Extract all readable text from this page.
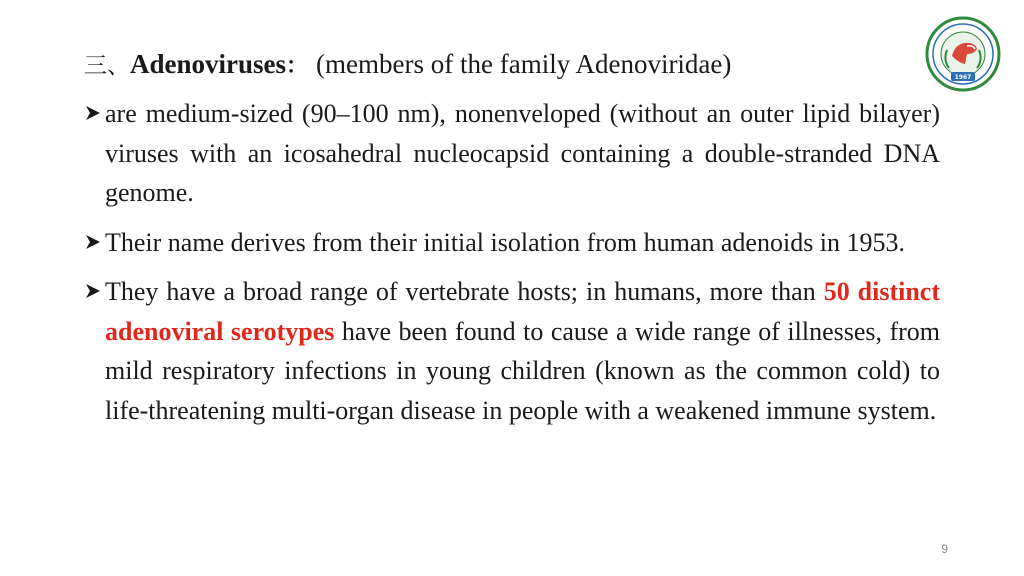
三、Adenoviruses： (members of the family Adenoviridae)
are medium-sized (90–100 nm), nonenveloped (without an outer lipid bilayer) viruses with an icosahedral nucleocapsid containing a double-stranded DNA genome.
Their name derives from their initial isolation from human adenoids in 1953.
They have a broad range of vertebrate hosts; in humans, more than 50 distinct adenoviral serotypes have been found to cause a wide range of illnesses, from mild respiratory infections in young children (known as the common cold) to life-threatening multi-organ disease in people with a weakened immune system.
1967
9
